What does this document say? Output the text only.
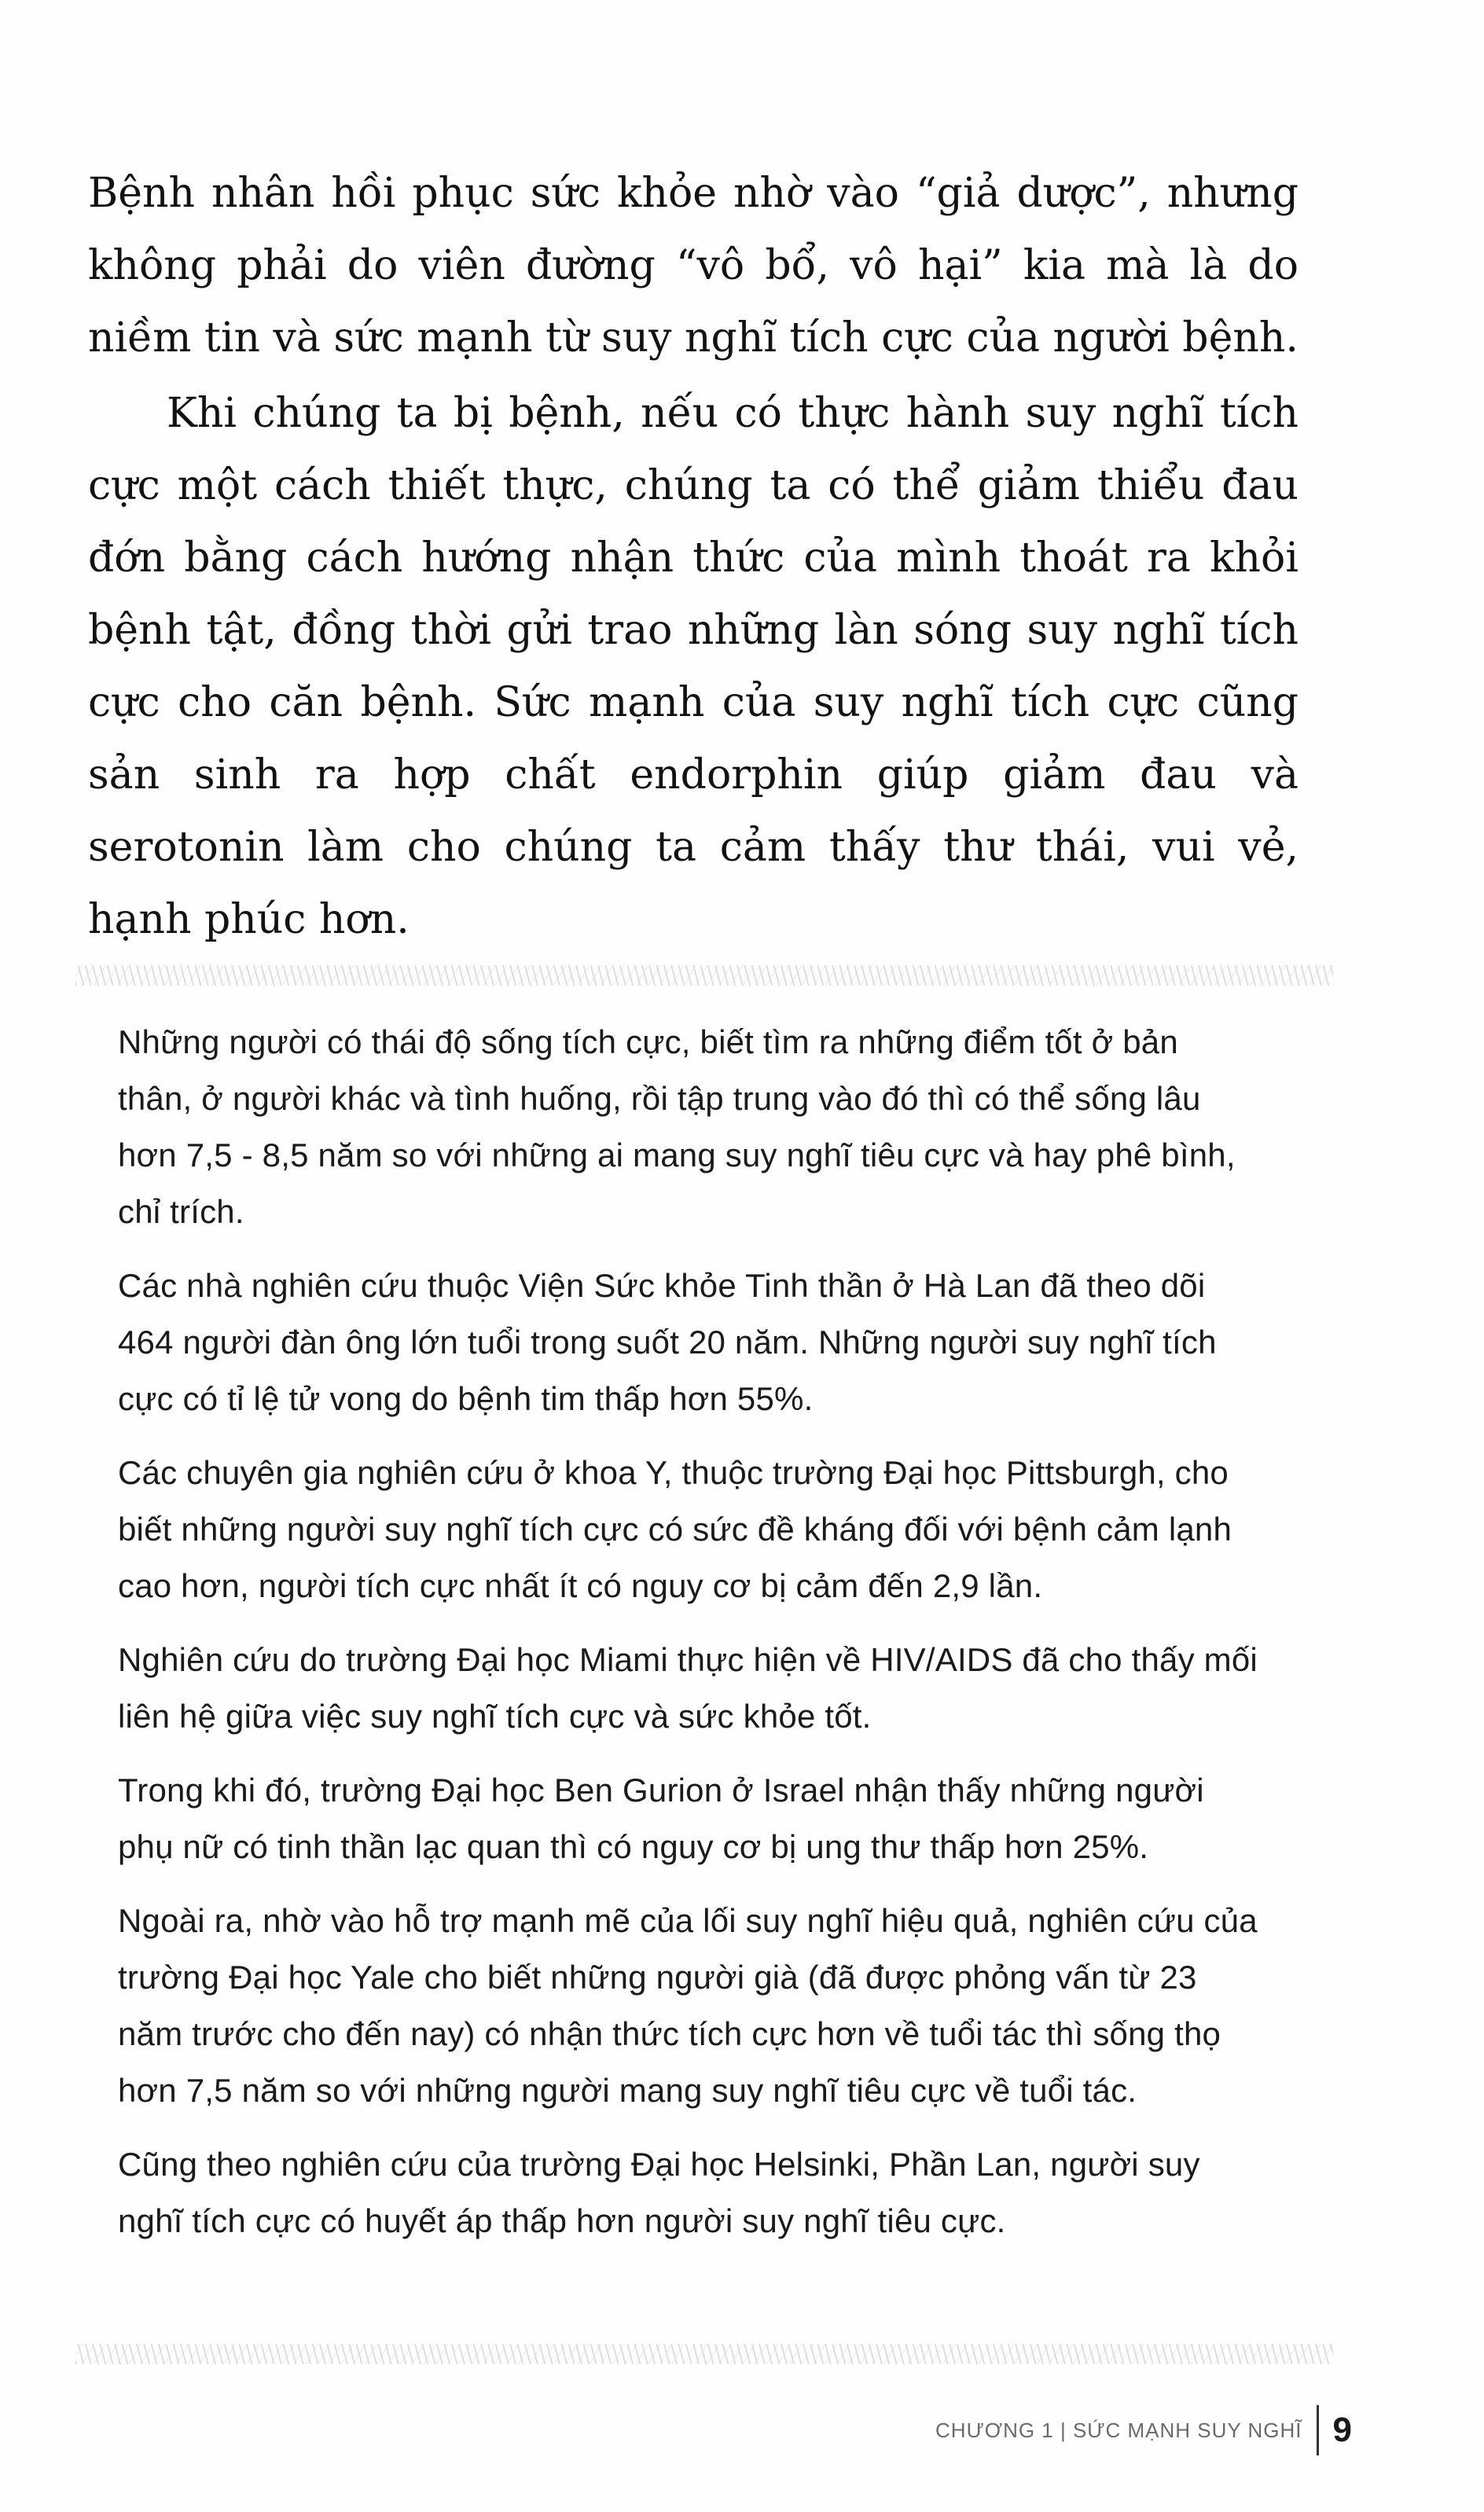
Bệnh nhân hồi phục sức khỏe nhờ vào “giả dược”, nhưng không phải do viên đường “vô bổ, vô hại” kia mà là do niềm tin và sức mạnh từ suy nghĩ tích cực của người bệnh.

Khi chúng ta bị bệnh, nếu có thực hành suy nghĩ tích cực một cách thiết thực, chúng ta có thể giảm thiểu đau đớn bằng cách hướng nhận thức của mình thoát ra khỏi bệnh tật, đồng thời gửi trao những làn sóng suy nghĩ tích cực cho căn bệnh. Sức mạnh của suy nghĩ tích cực cũng sản sinh ra hợp chất endorphin giúp giảm đau và serotonin làm cho chúng ta cảm thấy thư thái, vui vẻ, hạnh phúc hơn.

Những người có thái độ sống tích cực, biết tìm ra những điểm tốt ở bản thân, ở người khác và tình huống, rồi tập trung vào đó thì có thể sống lâu hơn 7,5 - 8,5 năm so với những ai mang suy nghĩ tiêu cực và hay phê bình, chỉ trích.

Các nhà nghiên cứu thuộc Viện Sức khỏe Tinh thần ở Hà Lan đã theo dõi 464 người đàn ông lớn tuổi trong suốt 20 năm. Những người suy nghĩ tích cực có tỉ lệ tử vong do bệnh tim thấp hơn 55%.

Các chuyên gia nghiên cứu ở khoa Y, thuộc trường Đại học Pittsburgh, cho biết những người suy nghĩ tích cực có sức đề kháng đối với bệnh cảm lạnh cao hơn, người tích cực nhất ít có nguy cơ bị cảm đến 2,9 lần.

Nghiên cứu do trường Đại học Miami thực hiện về HIV/AIDS đã cho thấy mối liên hệ giữa việc suy nghĩ tích cực và sức khỏe tốt.

Trong khi đó, trường Đại học Ben Gurion ở Israel nhận thấy những người phụ nữ có tinh thần lạc quan thì có nguy cơ bị ung thư thấp hơn 25%.

Ngoài ra, nhờ vào hỗ trợ mạnh mẽ của lối suy nghĩ hiệu quả, nghiên cứu của trường Đại học Yale cho biết những người già (đã được phỏng vấn từ 23 năm trước cho đến nay) có nhận thức tích cực hơn về tuổi tác thì sống thọ hơn 7,5 năm so với những người mang suy nghĩ tiêu cực về tuổi tác.

Cũng theo nghiên cứu của trường Đại học Helsinki, Phần Lan, người suy nghĩ tích cực có huyết áp thấp hơn người suy nghĩ tiêu cực.

CHƯƠNG 1 | SỨC MẠNH SUY NGHĨ 9
